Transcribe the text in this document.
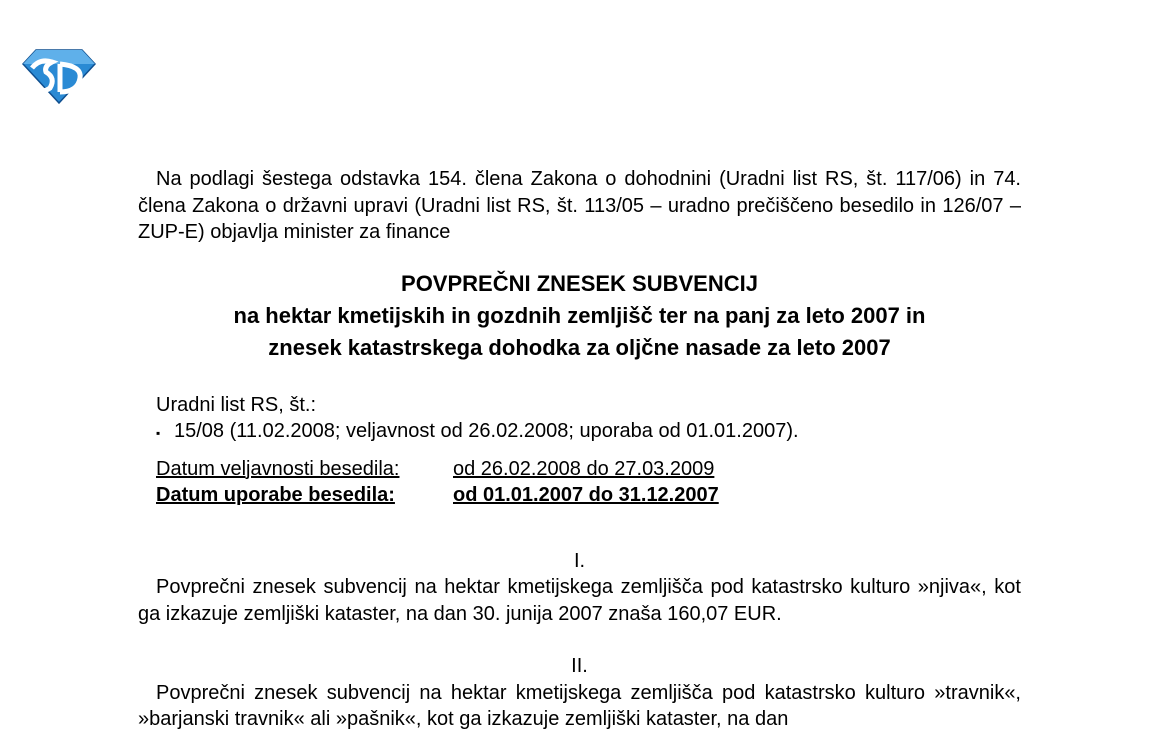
Na podlagi šestega odstavka 154. člena Zakona o dohodnini (Uradni list RS, št. 117/06) in 74. člena Zakona o državni upravi (Uradni list RS, št. 113/05 – uradno prečiščeno besedilo in 126/07 – ZUP-E) objavlja minister za finance

POVPREČNI ZNESEK SUBVENCIJ
na hektar kmetijskih in gozdnih zemljišč ter na panj za leto 2007 in
znesek katastrskega dohodka za oljčne nasade za leto 2007
Uradni list RS, št.:
▪ 15/08 (11.02.2008; veljavnost od 26.02.2008; uporaba od 01.01.2007).
Datum veljavnosti besedila:	od 26.02.2008 do 27.03.2009
Datum uporabe besedila:	od 01.01.2007 do 31.12.2007
I.

Povprečni znesek subvencij na hektar kmetijskega zemljišča pod katastrsko kulturo »njiva«, kot ga izkazuje zemljiški kataster, na dan 30. junija 2007 znaša 160,07 EUR.

II.

Povprečni znesek subvencij na hektar kmetijskega zemljišča pod katastrsko kulturo »travnik«, »barjanski travnik« ali »pašnik«, kot ga izkazuje zemljiški kataster, na dan
